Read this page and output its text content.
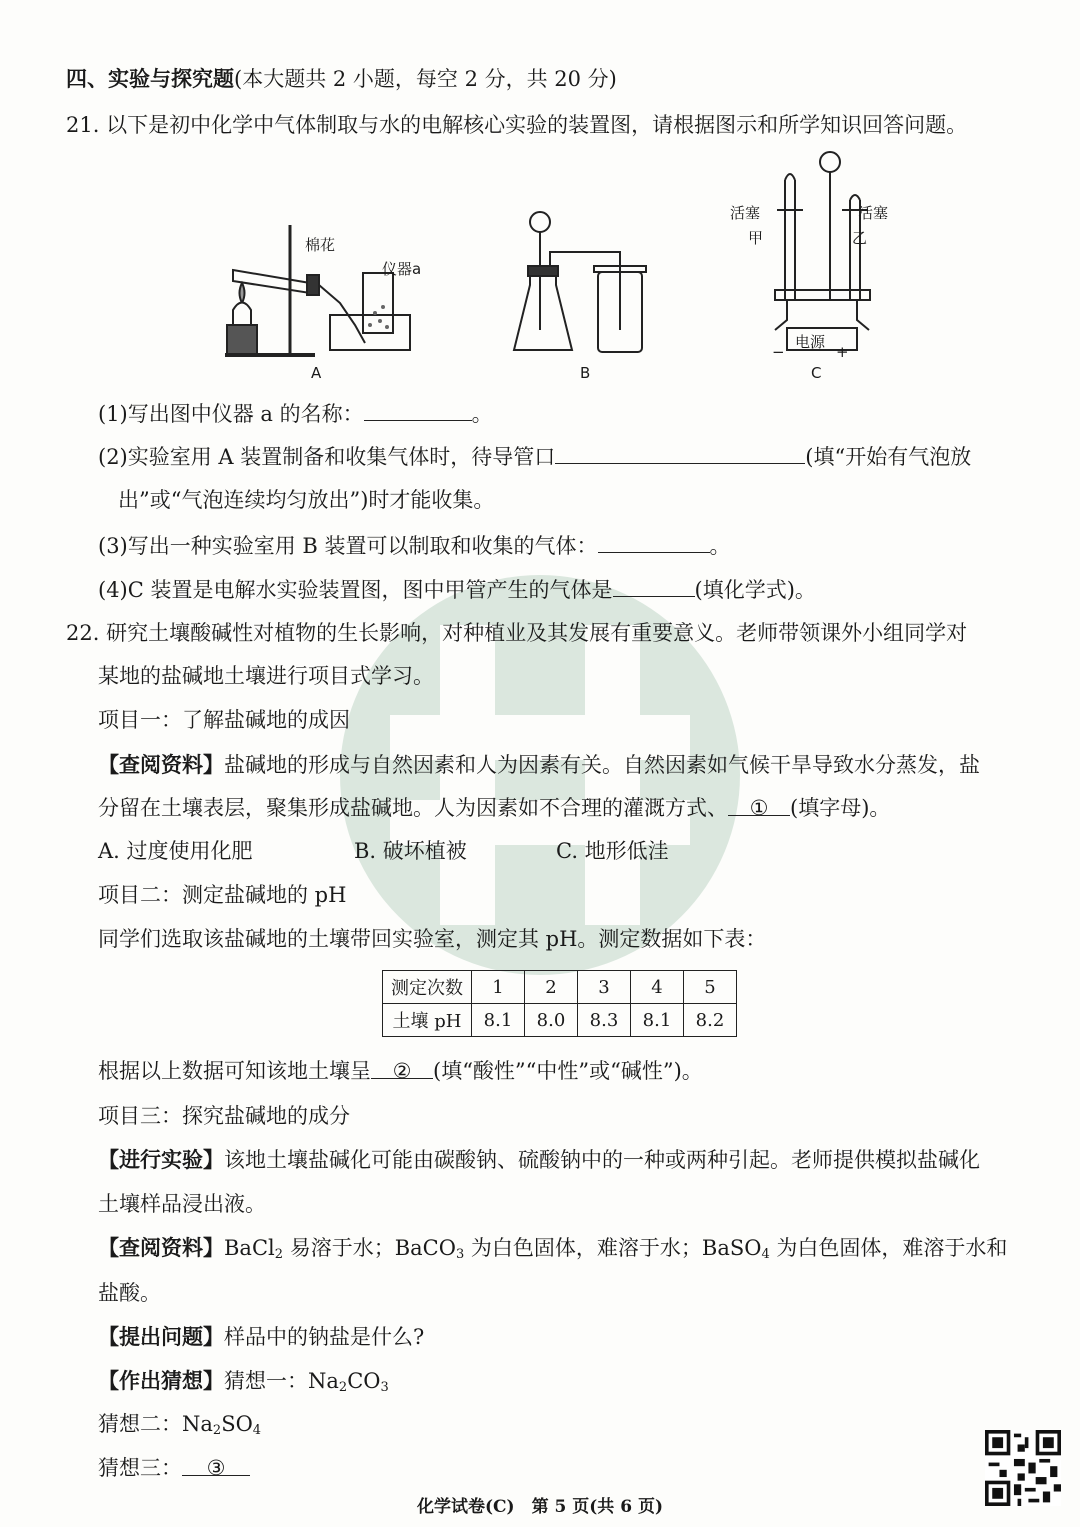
四、实验与探究题(本大题共 2 小题，每空 2 分，共 20 分)
21. 以下是初中化学中气体制取与水的电解核心实验的装置图，请根据图示和所学知识回答问题。
棉花
仪器a
A	B
活塞	活塞
甲	乙
电源
−	+
C
(1)写出图中仪器 a 的名称：	。
(2)实验室用 A 装置制备和收集气体时，待导管口	(填“开始有气泡放
出”或“气泡连续均匀放出”)时才能收集。
(3)写出一种实验室用 B 装置可以制取和收集的气体：	。
(4)C 装置是电解水实验装置图，图中甲管产生的气体是	(填化学式)。
22. 研究土壤酸碱性对植物的生长影响，对种植业及其发展有重要意义。老师带领课外小组同学对
某地的盐碱地土壤进行项目式学习。
项目一：了解盐碱地的成因
【查阅资料】盐碱地的形成与自然因素和人为因素有关。自然因素如气候干旱导致水分蒸发，盐
分留在土壤表层，聚集形成盐碱地。人为因素如不合理的灌溉方式、 ① (填字母)。
A. 过度使用化肥	B. 破坏植被	C. 地形低洼
项目二：测定盐碱地的 pH
同学们选取该盐碱地的土壤带回实验室，测定其 pH。测定数据如下表：
测定次数	1	2	3	4	5
土壤 pH	8.1	8.0	8.3	8.1	8.2
根据以上数据可知该地土壤呈 ② (填“酸性”“中性”或“碱性”)。
项目三：探究盐碱地的成分
【进行实验】该地土壤盐碱化可能由碳酸钠、硫酸钠中的一种或两种引起。老师提供模拟盐碱化
土壤样品浸出液。
【查阅资料】BaCl$_2$ 易溶于水；BaCO$_3$ 为白色固体，难溶于水；BaSO$_4$ 为白色固体，难溶于水和
盐酸。
【提出问题】样品中的钠盐是什么?
【作出猜想】猜想一：$Na_2CO_3$
猜想二：$Na_2SO_4$
猜想三： ③
化学试卷(C)　第 5 页(共 6 页)
